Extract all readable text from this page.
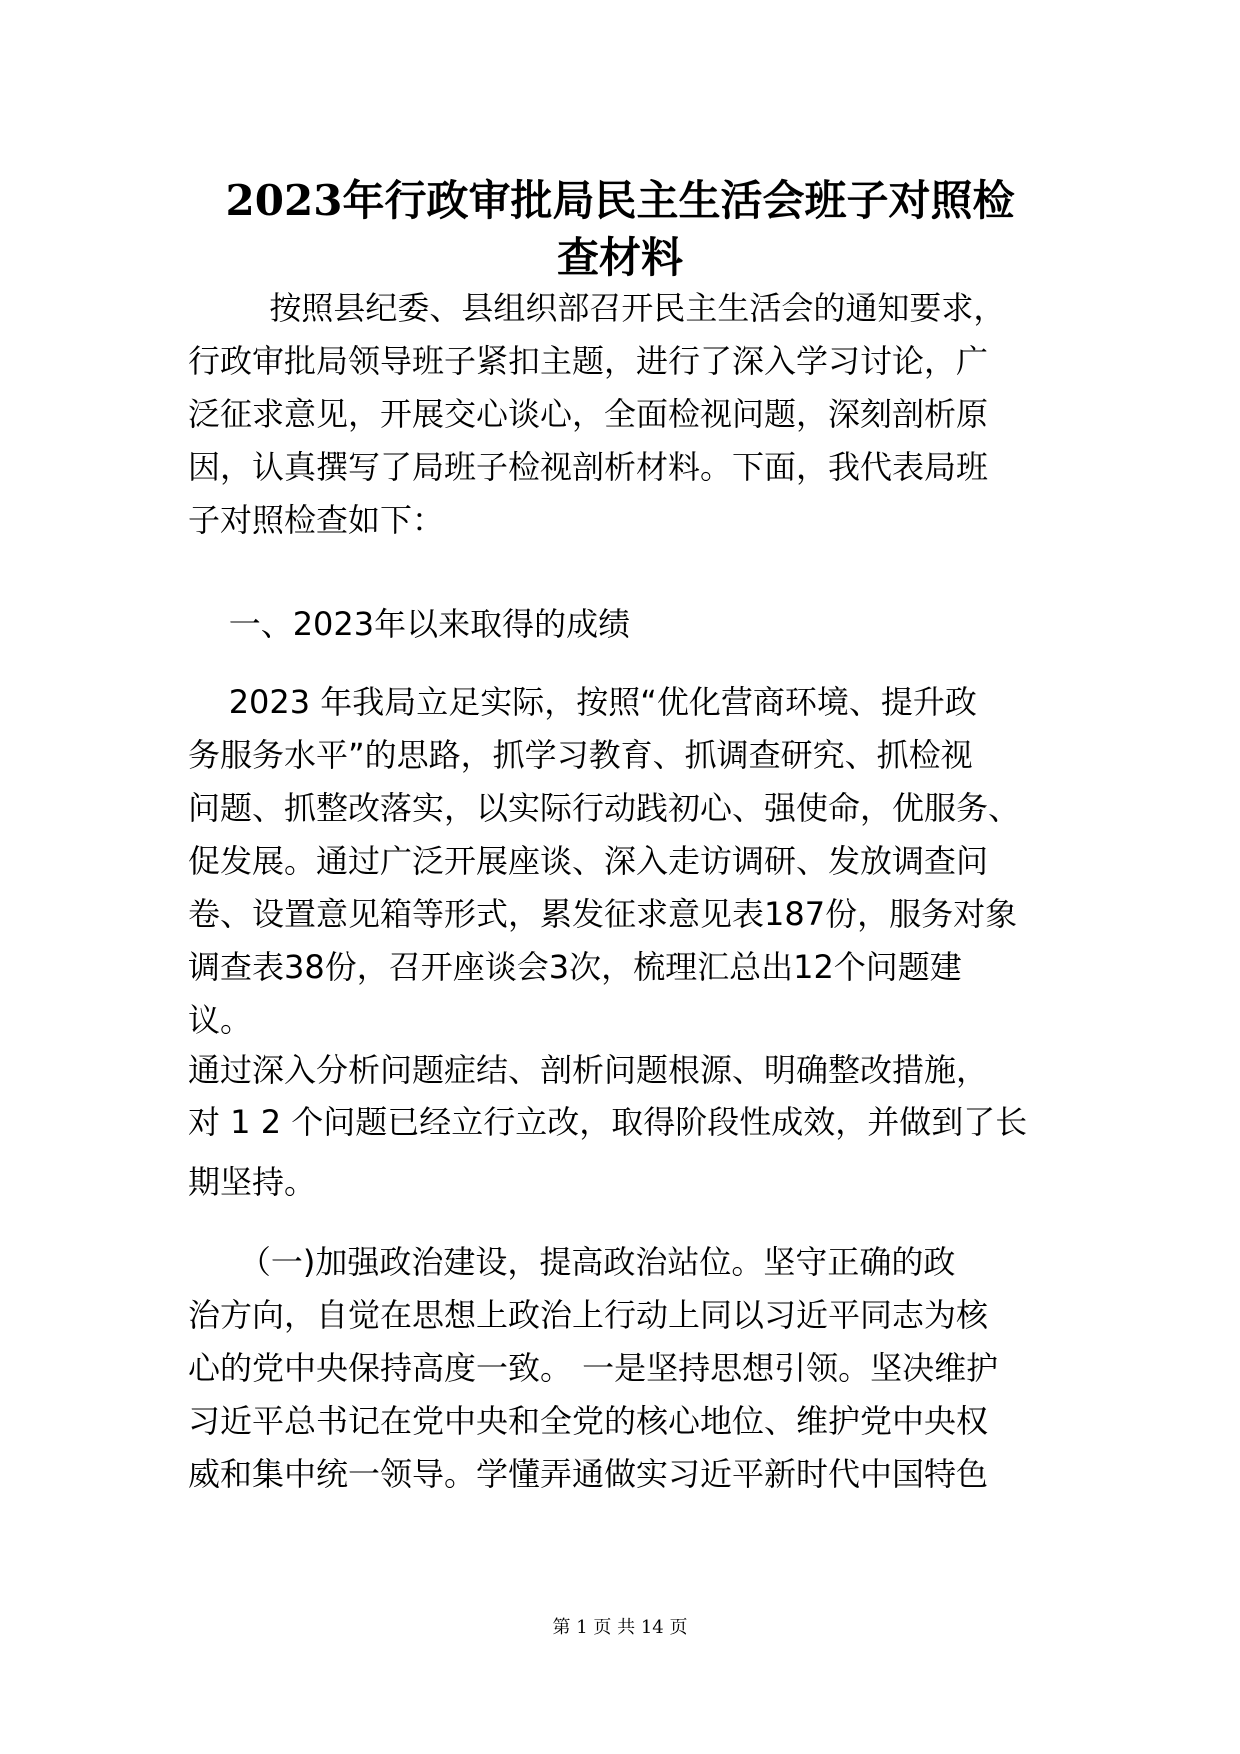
2023年行政审批局民主生活会班子对照检
查材料
按照县纪委、县组织部召开民主生活会的通知要求，
行政审批局领导班子紧扣主题，进行了深入学习讨论，广
泛征求意见，开展交心谈心，全面检视问题，深刻剖析原
因，认真撰写了局班子检视剖析材料。下面，我代表局班
子对照检查如下：
一、2023年以来取得的成绩
2023 年我局立足实际，按照“优化营商环境、提升政
务服务水平”的思路，抓学习教育、抓调查研究、抓检视
问题、抓整改落实，以实际行动践初心、强使命，优服务、
促发展。通过广泛开展座谈、深入走访调研、发放调查问
卷、设置意见箱等形式，累发征求意见表187份，服务对象
调查表38份，召开座谈会3次，梳理汇总出12个问题建
议。
通过深入分析问题症结、剖析问题根源、明确整改措施，
对 1 2 个问题已经立行立改，取得阶段性成效，并做到了长
期坚持。
（一)加强政治建设，提高政治站位。坚守正确的政
治方向，自觉在思想上政治上行动上同以习近平同志为核
心的党中央保持高度一致。 一是坚持思想引领。坚决维护
习近平总书记在党中央和全党的核心地位、维护党中央权
威和集中统一领导。学懂弄通做实习近平新时代中国特色
第 1 页 共 14 页
